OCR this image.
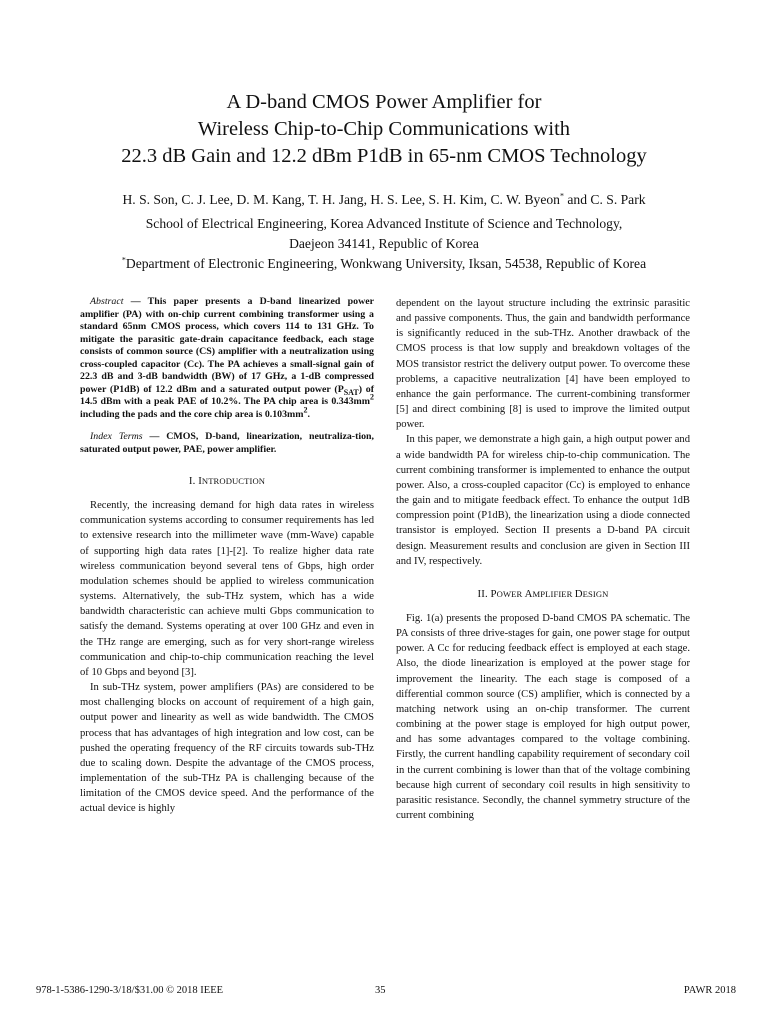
A D-band CMOS Power Amplifier for

Wireless Chip-to-Chip Communications with

22.3 dB Gain and 12.2 dBm P1dB in 65-nm CMOS Technology

H. S. Son, C. J. Lee, D. M. Kang, T. H. Jang, H. S. Lee, S. H. Kim, C. W. Byeon* and C. S. Park

School of Electrical Engineering, Korea Advanced Institute of Science and Technology,

Daejeon 34141, Republic of Korea

*Department of Electronic Engineering, Wonkwang University, Iksan, 54538, Republic of Korea

Abstract — This paper presents a D-band linearized power amplifier (PA) with on-chip current combining transformer using a standard 65nm CMOS process, which covers 114 to 131 GHz. To mitigate the parasitic gate-drain capacitance feedback, each stage consists of common source (CS) amplifier with a neutralization using cross-coupled capacitor (Cc). The PA achieves a small-signal gain of 22.3 dB and 3-dB bandwidth (BW) of 17 GHz, a 1-dB compressed power (P1dB) of 12.2 dBm and a saturated output power $(P_{SAT})$ of 14.5 dBm with a peak PAE of 10.2%. The PA chip area is $0.343mm^2$ including the pads and the core chip area is $0.103mm^2$.

Index Terms — CMOS, D-band, linearization, neutraliza-tion, saturated output power, PAE, power amplifier.

I. INTRODUCTION

Recently, the increasing demand for high data rates in wireless communication systems according to consumer requirements has led to extensive research into the millimeter wave (mm-Wave) capable of supporting high data rates [1]-[2]. To realize higher data rate wireless communication beyond several tens of Gbps, high order modulation schemes should be applied to wireless communication systems. Alternatively, the sub-THz system, which has a wide bandwidth characteristic can achieve multi Gbps communication to satisfy the demand. Systems operating at over 100 GHz and even in the THz range are emerging, such as for very short-range wireless communication and chip-to-chip communication reaching the level of 10 Gbps and beyond [3].

In sub-THz system, power amplifiers (PAs) are considered to be most challenging blocks on account of requirement of a high gain, output power and linearity as well as wide bandwidth. The CMOS process that has advantages of high integration and low cost, can be pushed the operating frequency of the RF circuits towards sub-THz due to scaling down. Despite the advantage of the CMOS process, implementation of the sub-THz PA is challenging because of the limitation of the CMOS device speed. And the performance of the actual device is highly

dependent on the layout structure including the extrinsic parasitic and passive components. Thus, the gain and bandwidth performance is significantly reduced in the sub-THz. Another drawback of the CMOS process is that low supply and breakdown voltages of the MOS transistor restrict the delivery output power. To overcome these problems, a capacitive neutralization [4] have been employed to enhance the gain performance. The current-combining transformer [5] and direct combining [8] is used to improve the limited output power.

In this paper, we demonstrate a high gain, a high output power and a wide bandwidth PA for wireless chip-to-chip communication. The current combining transformer is implemented to enhance the output power. Also, a cross-coupled capacitor (Cc) is employed to enhance the gain and to mitigate feedback effect. To enhance the output 1dB compression point (P1dB), the linearization using a diode connected transistor is employed. Section II presents a D-band PA circuit design. Measurement results and conclusion are given in Section III and IV, respectively.

II. POWER AMPLIFIER DESIGN

Fig. 1(a) presents the proposed D-band CMOS PA schematic. The PA consists of three drive-stages for gain, one power stage for output power. A Cc for reducing feedback effect is employed at each stage. Also, the diode linearization is employed at the power stage for improvement the linearity. The each stage is composed of a differential common source (CS) amplifier, which is connected by a matching network using an on-chip transformer. The current combining at the power stage is employed for high output power, and has some advantages compared to the voltage combining. Firstly, the current handling capability requirement of secondary coil in the current combining is lower than that of the voltage combining because high current of secondary coil results in high sensitivity to parasitic resistance. Secondly, the channel symmetry structure of the current combining

978-1-5386-1290-3/18/$31.00 © 2018 IEEE	35	PAWR 2018
